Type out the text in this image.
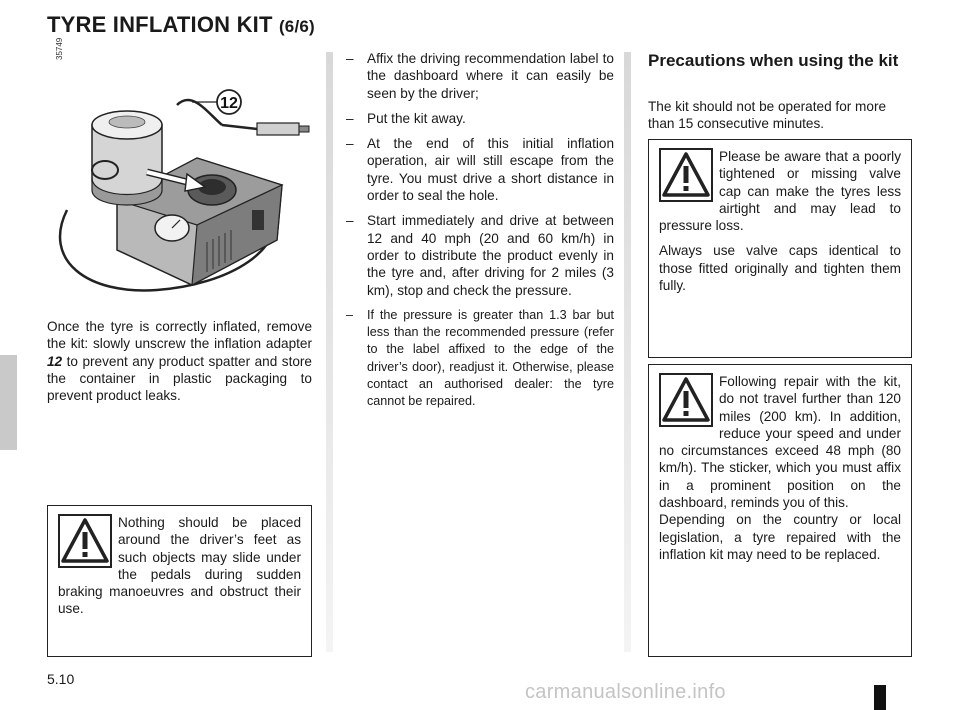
TYRE INFLATION KIT (6/6)
35749
12

Once the tyre is correctly inflated, remove the kit: slowly unscrew the inflation adapter 12 to prevent any product spatter and store the container in plastic packaging to prevent product leaks.

Nothing should be placed around the driver’s feet as such objects may slide under the pedals during sudden braking manoeuvres and obstruct their use.

– Affix the driving recommendation label to the dashboard where it can easily be seen by the driver;
– Put the kit away.
– At the end of this initial inflation operation, air will still escape from the tyre. You must drive a short distance in order to seal the hole.
– Start immediately and drive at between 12 and 40 mph (20 and 60 km/h) in order to distribute the product evenly in the tyre and, after driving for 2 miles (3 km), stop and check the pressure.
– If the pressure is greater than 1.3 bar but less than the recommended pressure (refer to the label affixed to the edge of the driver’s door), readjust it. Otherwise, please contact an authorised dealer: the tyre cannot be repaired.
Precautions when using the kit

The kit should not be operated for more than 15 consecutive minutes.

Please be aware that a poorly tightened or missing valve cap can make the tyres less airtight and may lead to pressure loss.

Always use valve caps identical to those fitted originally and tighten them fully.

Following repair with the kit, do not travel further than 120 miles (200 km). In addition, reduce your speed and under no circumstances exceed 48 mph (80 km/h). The sticker, which you must affix in a prominent position on the dashboard, reminds you of this.

Depending on the country or local legislation, a tyre repaired with the inflation kit may need to be replaced.

5.10
carmanualsonline.info
